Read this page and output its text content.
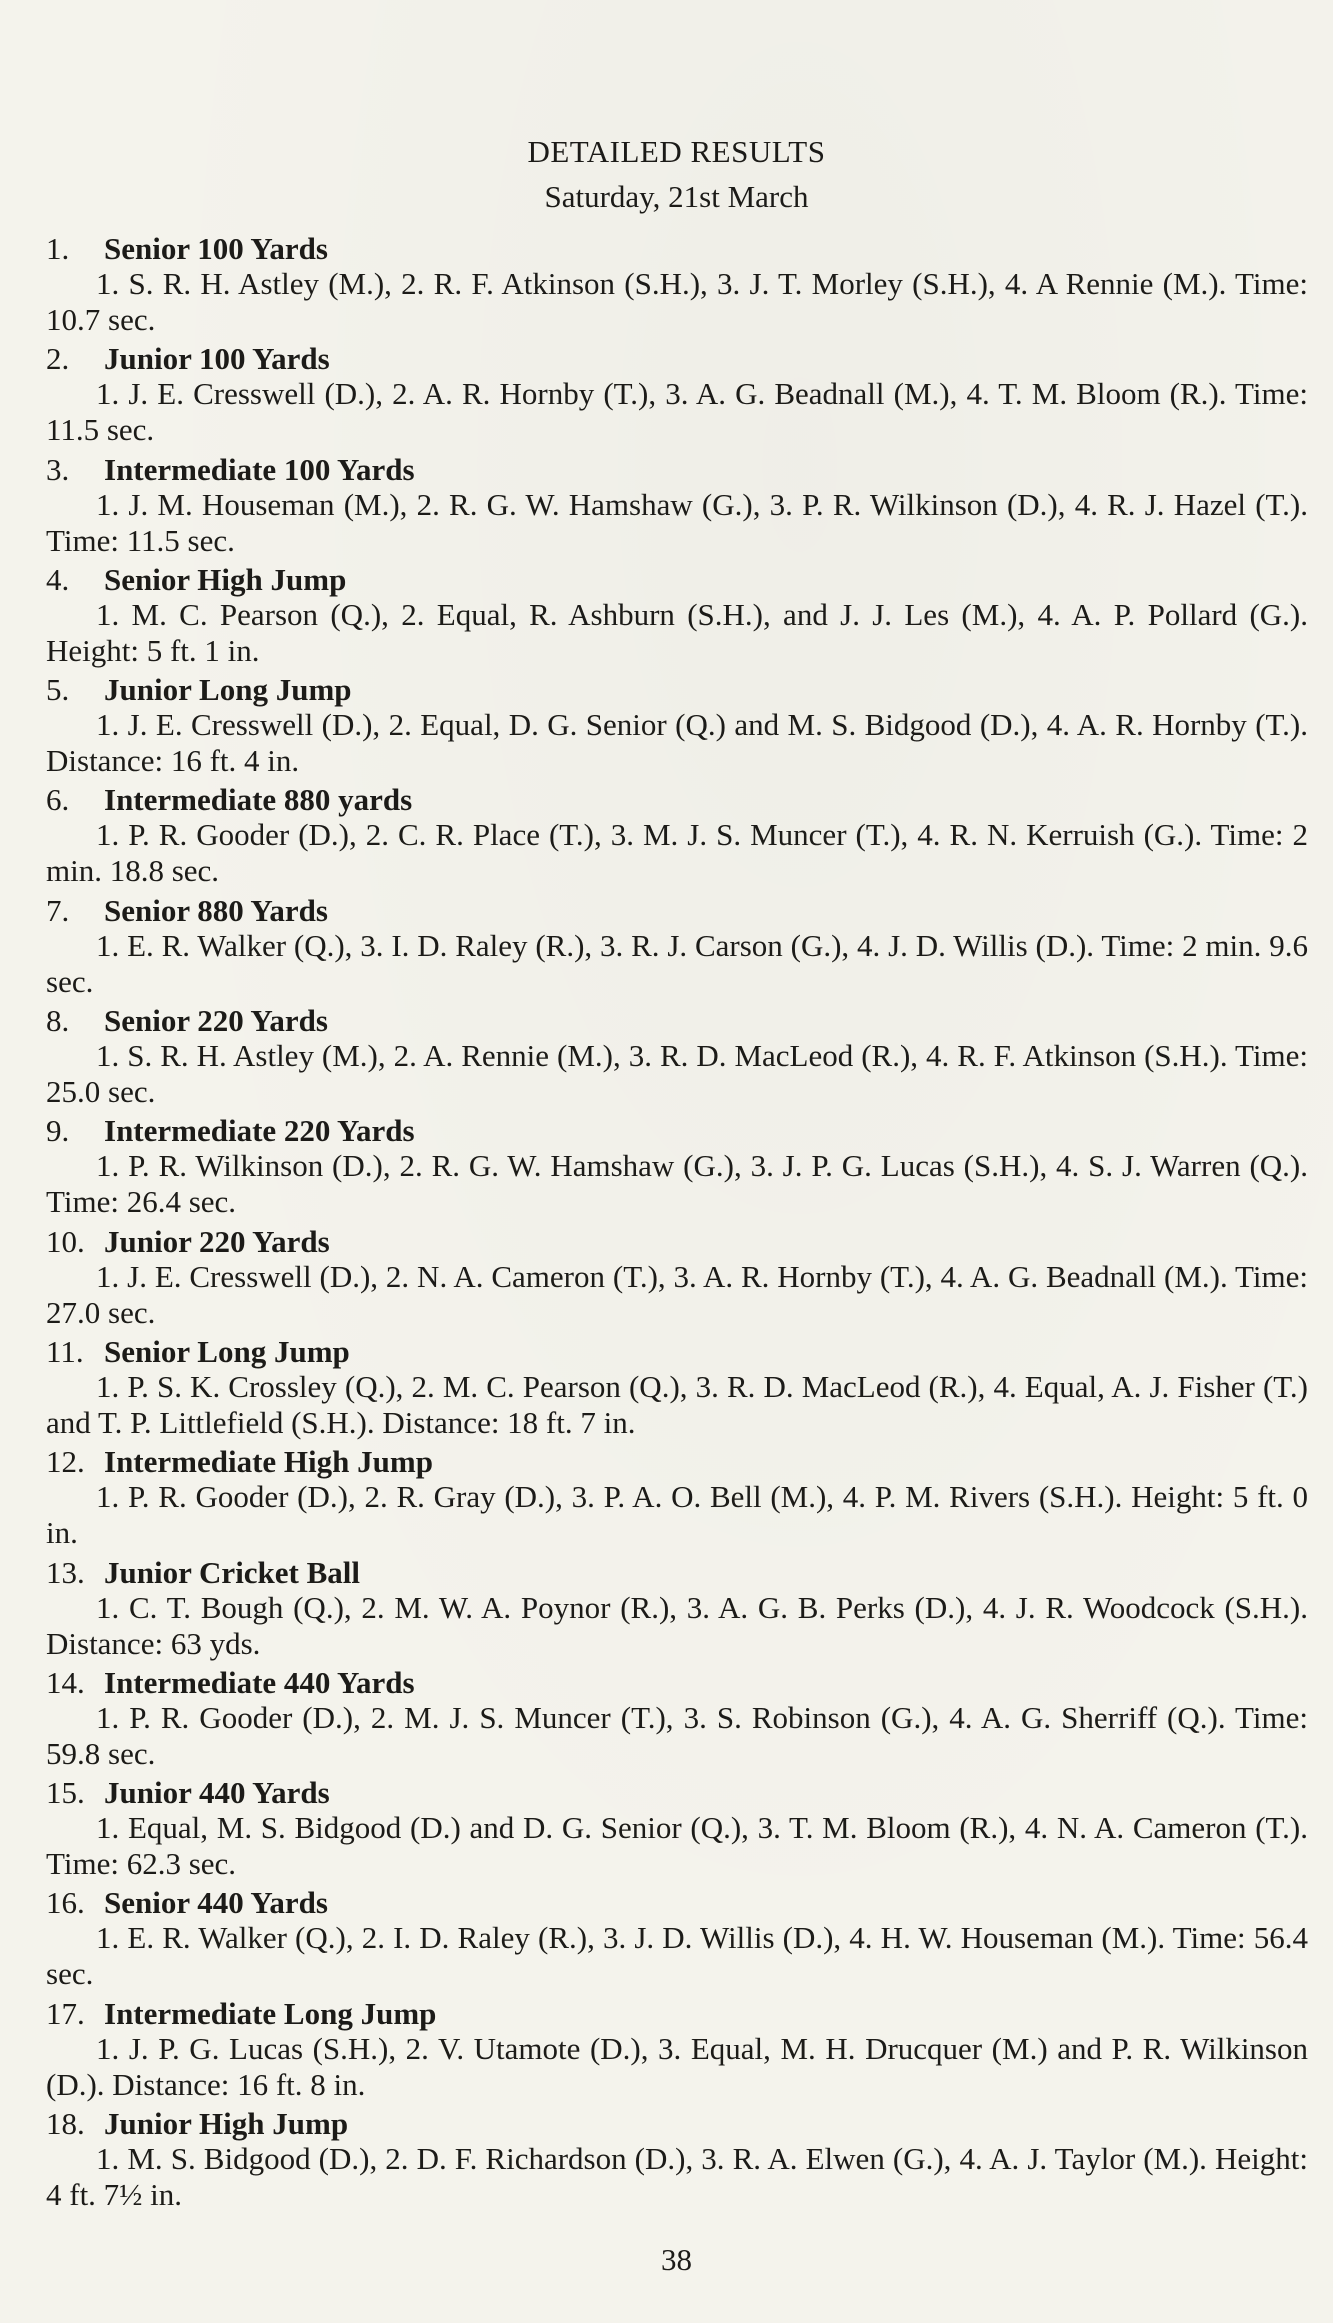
DETAILED RESULTS
Saturday, 21st March
1.	Senior 100 Yards
1. S. R. H. Astley (M.), 2. R. F. Atkinson (S.H.), 3. J. T. Morley (S.H.), 4. A Rennie (M.). Time: 10.7 sec.
2.	Junior 100 Yards
1. J. E. Cresswell (D.), 2. A. R. Hornby (T.), 3. A. G. Beadnall (M.), 4. T. M. Bloom (R.). Time: 11.5 sec.
3.	Intermediate 100 Yards
1. J. M. Houseman (M.), 2. R. G. W. Hamshaw (G.), 3. P. R. Wilkinson (D.), 4. R. J. Hazel (T.). Time: 11.5 sec.
4.	Senior High Jump
1. M. C. Pearson (Q.), 2. Equal, R. Ashburn (S.H.), and J. J. Les (M.), 4. A. P. Pollard (G.). Height: 5 ft. 1 in.
5.	Junior Long Jump
1. J. E. Cresswell (D.), 2. Equal, D. G. Senior (Q.) and M. S. Bidgood (D.), 4. A. R. Hornby (T.). Distance: 16 ft. 4 in.
6.	Intermediate 880 yards
1. P. R. Gooder (D.), 2. C. R. Place (T.), 3. M. J. S. Muncer (T.), 4. R. N. Kerruish (G.). Time: 2 min. 18.8 sec.
7.	Senior 880 Yards
1. E. R. Walker (Q.), 3. I. D. Raley (R.), 3. R. J. Carson (G.), 4. J. D. Willis (D.). Time: 2 min. 9.6 sec.
8.	Senior 220 Yards
1. S. R. H. Astley (M.), 2. A. Rennie (M.), 3. R. D. MacLeod (R.), 4. R. F. Atkinson (S.H.). Time: 25.0 sec.
9.	Intermediate 220 Yards
1. P. R. Wilkinson (D.), 2. R. G. W. Hamshaw (G.), 3. J. P. G. Lucas (S.H.), 4. S. J. Warren (Q.). Time: 26.4 sec.
10. Junior 220 Yards
1. J. E. Cresswell (D.), 2. N. A. Cameron (T.), 3. A. R. Hornby (T.), 4. A. G. Beadnall (M.). Time: 27.0 sec.
11. Senior Long Jump
1. P. S. K. Crossley (Q.), 2. M. C. Pearson (Q.), 3. R. D. MacLeod (R.), 4. Equal, A. J. Fisher (T.) and T. P. Littlefield (S.H.). Distance: 18 ft. 7 in.
12. Intermediate High Jump
1. P. R. Gooder (D.), 2. R. Gray (D.), 3. P. A. O. Bell (M.), 4. P. M. Rivers (S.H.). Height: 5 ft. 0 in.
13. Junior Cricket Ball
1. C. T. Bough (Q.), 2. M. W. A. Poynor (R.), 3. A. G. B. Perks (D.), 4. J. R. Woodcock (S.H.). Distance: 63 yds.
14. Intermediate 440 Yards
1. P. R. Gooder (D.), 2. M. J. S. Muncer (T.), 3. S. Robinson (G.), 4. A. G. Sherriff (Q.). Time: 59.8 sec.
15. Junior 440 Yards
1. Equal, M. S. Bidgood (D.) and D. G. Senior (Q.), 3. T. M. Bloom (R.), 4. N. A. Cameron (T.). Time: 62.3 sec.
16. Senior 440 Yards
1. E. R. Walker (Q.), 2. I. D. Raley (R.), 3. J. D. Willis (D.), 4. H. W. Houseman (M.). Time: 56.4 sec.
17. Intermediate Long Jump
1. J. P. G. Lucas (S.H.), 2. V. Utamote (D.), 3. Equal, M. H. Drucquer (M.) and P. R. Wilkinson (D.). Distance: 16 ft. 8 in.
18. Junior High Jump
1. M. S. Bidgood (D.), 2. D. F. Richardson (D.), 3. R. A. Elwen (G.), 4. A. J. Taylor (M.). Height: 4 ft. 7½ in.
38
